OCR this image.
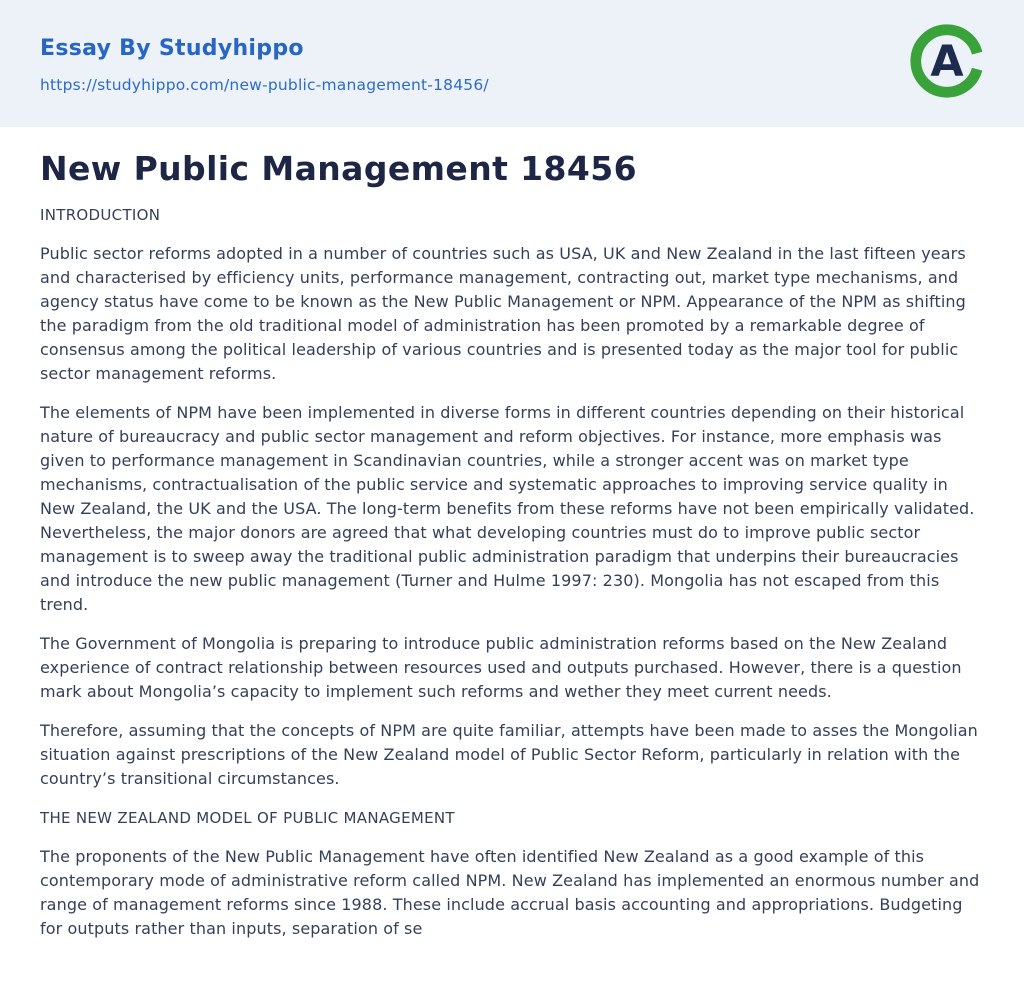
Essay By Studyhippo
https://studyhippo.com/new-public-management-18456/	A
New Public Management 18456

INTRODUCTION

Public sector reforms adopted in a number of countries such as USA, UK and New Zealand in the last fifteen years and characterised by efficiency units, performance management, contracting out, market type mechanisms, and agency status have come to be known as the New Public Management or NPM. Appearance of the NPM as shifting the paradigm from the old traditional model of administration has been promoted by a remarkable degree of consensus among the political leadership of various countries and is presented today as the major tool for public sector management reforms.

The elements of NPM have been implemented in diverse forms in different countries depending on their historical nature of bureaucracy and public sector management and reform objectives. For instance, more emphasis was given to performance management in Scandinavian countries, while a stronger accent was on market type mechanisms, contractualisation of the public service and systematic approaches to improving service quality in New Zealand, the UK and the USA. The long-term benefits from these reforms have not been empirically validated. Nevertheless, the major donors are agreed that what developing countries must do to improve public sector management is to sweep away the traditional public administration paradigm that underpins their bureaucracies and introduce the new public management (Turner and Hulme 1997: 230). Mongolia has not escaped from this trend.

The Government of Mongolia is preparing to introduce public administration reforms based on the New Zealand experience of contract relationship between resources used and outputs purchased. However, there is a question mark about Mongolia’s capacity to implement such reforms and wether they meet current needs.

Therefore, assuming that the concepts of NPM are quite familiar, attempts have been made to asses the Mongolian situation against prescriptions of the New Zealand model of Public Sector Reform, particularly in relation with the country’s transitional circumstances.

THE NEW ZEALAND MODEL OF PUBLIC MANAGEMENT

The proponents of the New Public Management have often identified New Zealand as a good example of this contemporary mode of administrative reform called NPM. New Zealand has implemented an enormous number and range of management reforms since 1988. These include accrual basis accounting and appropriations. Budgeting for outputs rather than inputs, separation of se
